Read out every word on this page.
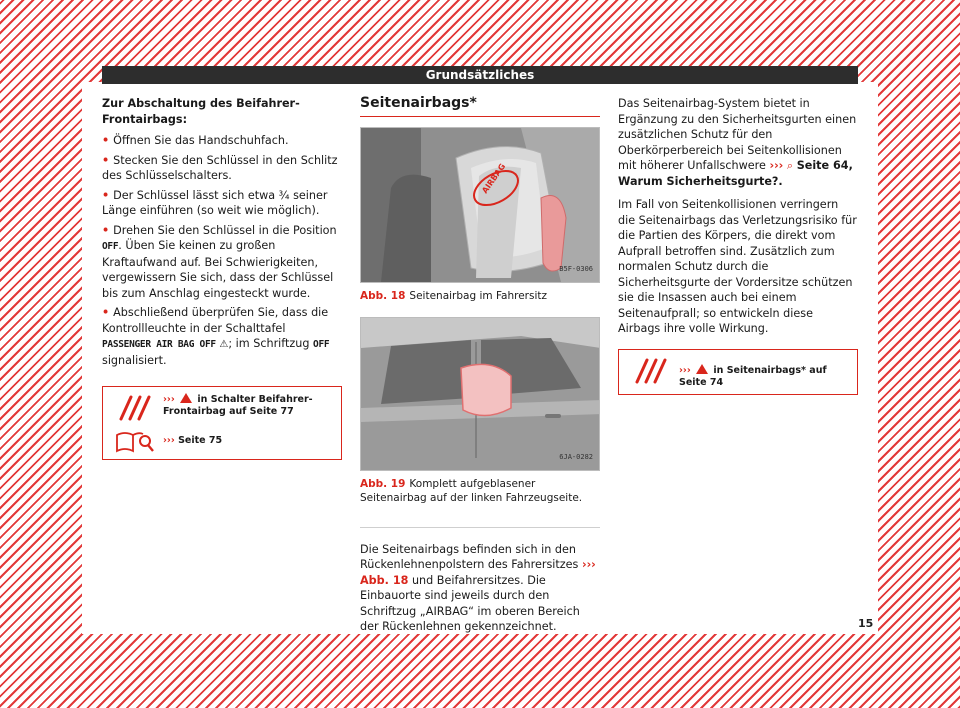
Grundsätzliches
Zur Abschaltung des Beifahrer-Frontairbags:
• Öffnen Sie das Handschuhfach.
• Stecken Sie den Schlüssel in den Schlitz des Schlüsselschalters.
• Der Schlüssel lässt sich etwa ¾ seiner Länge einführen (so weit wie möglich).
• Drehen Sie den Schlüssel in die Position OFF. Üben Sie keinen zu großen Kraftaufwand auf. Bei Schwierigkeiten, vergewissern Sie sich, dass der Schlüssel bis zum Anschlag eingesteckt wurde.
• Abschließend überprüfen Sie, dass die Kontrollleuchte in der Schalttafel PASSENGER AIR BAG OFF ⚠; im Schriftzug OFF signalisiert.
››› in Schalter Beifahrer-Frontairbag auf Seite 77
››› Seite 75
Seitenairbags*
AIRBAG
B5F-0306
Abb. 18 Seitenairbag im Fahrersitz
6JA-0282
Abb. 19 Komplett aufgeblasener Seitenairbag auf der linken Fahrzeugseite.
Die Seitenairbags befinden sich in den Rückenlehnenpolstern des Fahrersitzes ››› Abb. 18 und Beifahrersitzes. Die Einbauorte sind jeweils durch den Schriftzug „AIRBAG“ im oberen Bereich der Rückenlehnen gekennzeichnet.
Das Seitenairbag-System bietet in Ergänzung zu den Sicherheitsgurten einen zusätzlichen Schutz für den Oberkörperbereich bei Seitenkollisionen mit höherer Unfallschwere ››› ⌕ Seite 64, Warum Sicherheitsgurte?.
Im Fall von Seitenkollisionen verringern die Seitenairbags das Verletzungsrisiko für die Partien des Körpers, die direkt vom Aufprall betroffen sind. Zusätzlich zum normalen Schutz durch die Sicherheitsgurte der Vordersitze schützen sie die Insassen auch bei einem Seitenaufprall; so entwickeln diese Airbags ihre volle Wirkung.
››› in Seitenairbags* auf Seite 74
15
